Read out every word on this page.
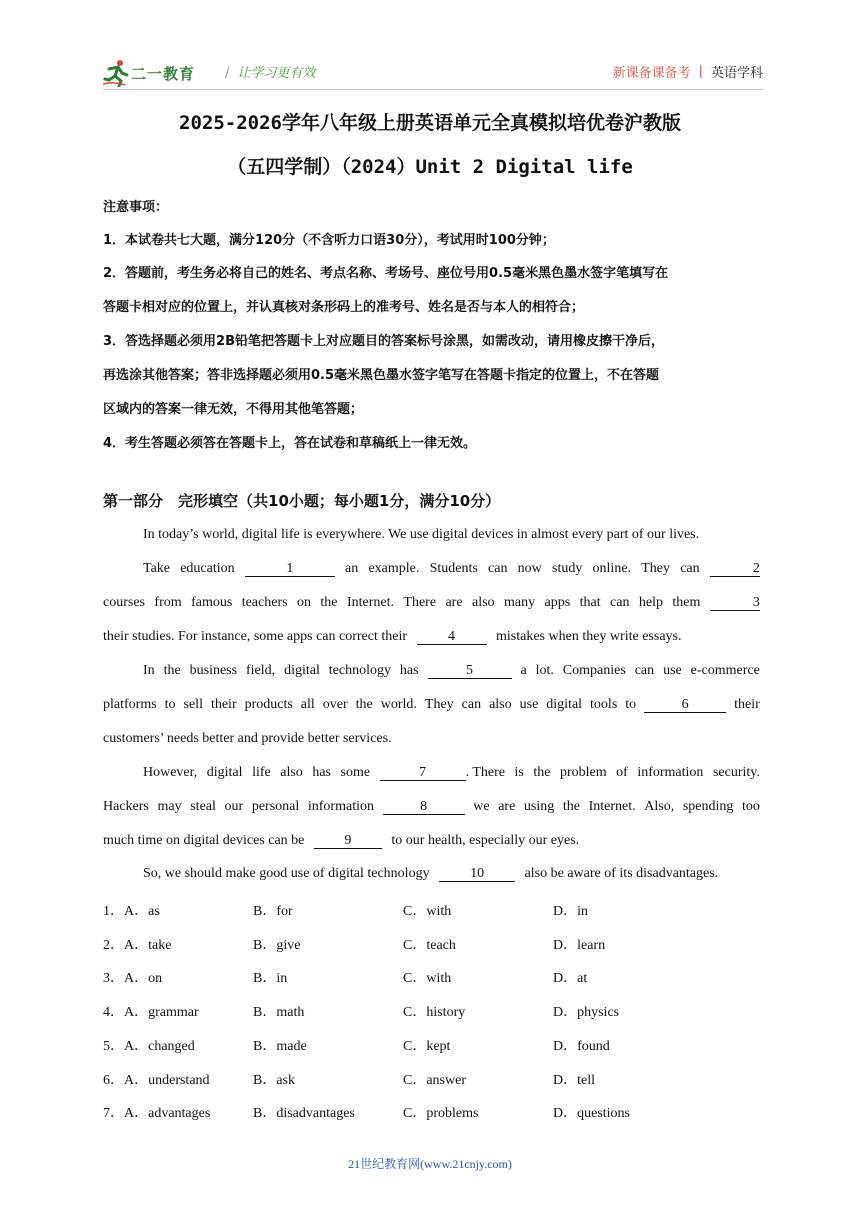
二一教育 / 让学习更有效	新课备课备考 | 英语学科
2025-2026学年八年级上册英语单元全真模拟培优卷沪教版
（五四学制）（2024）Unit 2 Digital life
注意事项：
1．本试卷共七大题，满分120分（不含听力口语30分），考试用时100分钟；
2．答题前，考生务必将自己的姓名、考点名称、考场号、座位号用0.5毫米黑色墨水签字笔填写在
答题卡相对应的位置上，并认真核对条形码上的准考号、姓名是否与本人的相符合；
3．答选择题必须用2B铅笔把答题卡上对应题目的答案标号涂黑，如需改动，请用橡皮擦干净后，
再选涂其他答案；答非选择题必须用0.5毫米黑色墨水签字笔写在答题卡指定的位置上，不在答题
区域内的答案一律无效，不得用其他笔答题；
4．考生答题必须答在答题卡上，答在试卷和草稿纸上一律无效。
第一部分　完形填空（共10小题；每小题1分，满分10分）
In today’s world, digital life is everywhere. We use digital devices in almost every part of our lives.
Take education	1	an example. Students can now study online. They can	2
courses from famous teachers on the Internet. There are also many apps that can help them	3
their studies. For instance, some apps can correct their	4	mistakes when they write essays.
In the business field, digital technology has	5	a lot. Companies can use e-commerce
platforms to sell their products all over the world. They can also use digital tools to	6	their
customers’ needs better and provide better services.
However, digital life also has some	7	. There is the problem of information security.
Hackers may steal our personal information	8	we are using the Internet. Also, spending too
much time on digital devices can be	9	to our health, especially our eyes.
So, we should make good use of digital technology	10	also be aware of its disadvantages.
1．A．as	B．for	C．with	D．in
2．A．take	B．give	C．teach	D．learn
3．A．on	B．in	C．with	D．at
4．A．grammar	B．math	C．history	D．physics
5．A．changed	B．made	C．kept	D．found
6．A．understand	B．ask	C．answer	D．tell
7．A．advantages	B．disadvantages	C．problems	D．questions
21世纪教育网(www.21cnjy.com)
